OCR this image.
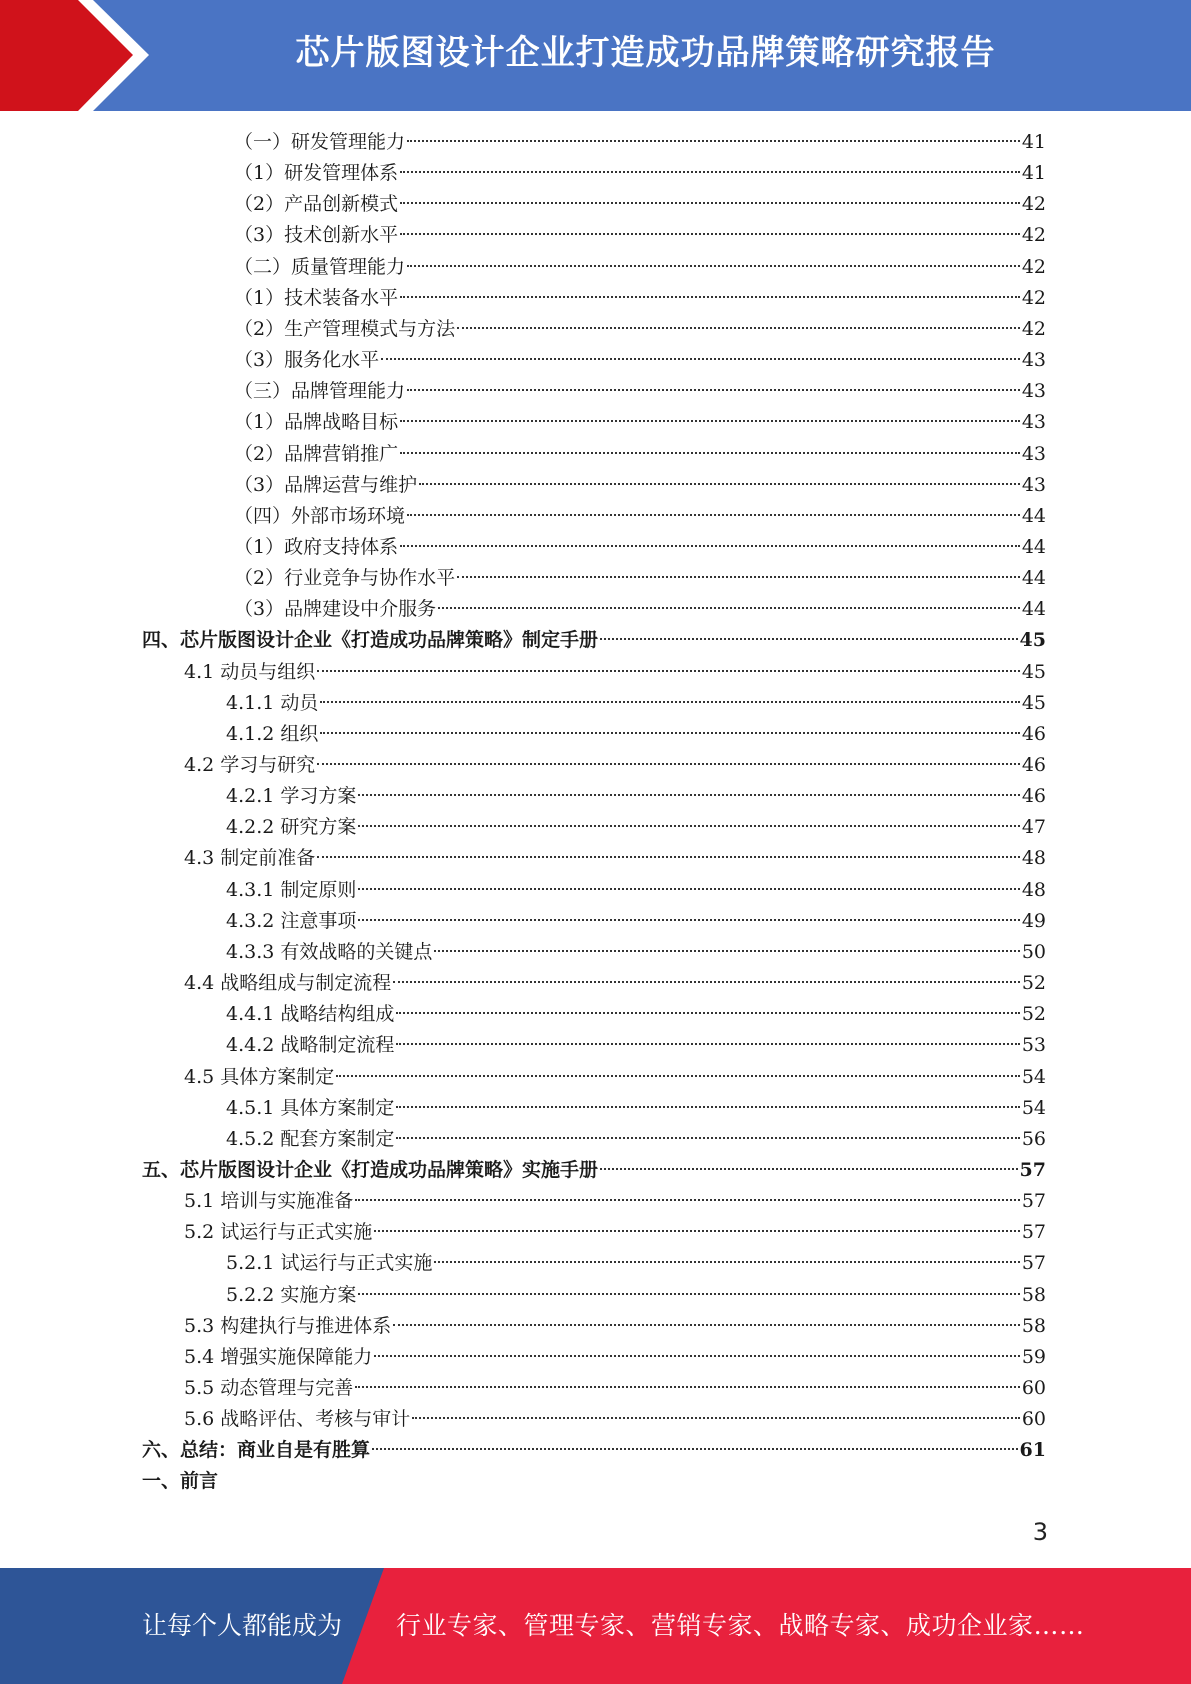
芯片版图设计企业打造成功品牌策略研究报告
（一）研发管理能力	41
（1）研发管理体系	41
（2）产品创新模式	42
（3）技术创新水平	42
（二）质量管理能力	42
（1）技术装备水平	42
（2）生产管理模式与方法	42
（3）服务化水平	43
（三）品牌管理能力	43
（1）品牌战略目标	43
（2）品牌营销推广	43
（3）品牌运营与维护	43
（四）外部市场环境	44
（1）政府支持体系	44
（2）行业竞争与协作水平	44
（3）品牌建设中介服务	44
四、芯片版图设计企业《打造成功品牌策略》制定手册	45
4.1 动员与组织	45
4.1.1 动员	45
4.1.2 组织	46
4.2 学习与研究	46
4.2.1 学习方案	46
4.2.2 研究方案	47
4.3 制定前准备	48
4.3.1 制定原则	48
4.3.2 注意事项	49
4.3.3 有效战略的关键点	50
4.4 战略组成与制定流程	52
4.4.1 战略结构组成	52
4.4.2 战略制定流程	53
4.5 具体方案制定	54
4.5.1 具体方案制定	54
4.5.2 配套方案制定	56
五、芯片版图设计企业《打造成功品牌策略》实施手册	57
5.1 培训与实施准备	57
5.2 试运行与正式实施	57
5.2.1 试运行与正式实施	57
5.2.2 实施方案	58
5.3 构建执行与推进体系	58
5.4 增强实施保障能力	59
5.5 动态管理与完善	60
5.6 战略评估、考核与审计	60
六、总结：商业自是有胜算	61
一、前言
3
让每个人都能成为 行业专家、管理专家、营销专家、战略专家、成功企业家……
